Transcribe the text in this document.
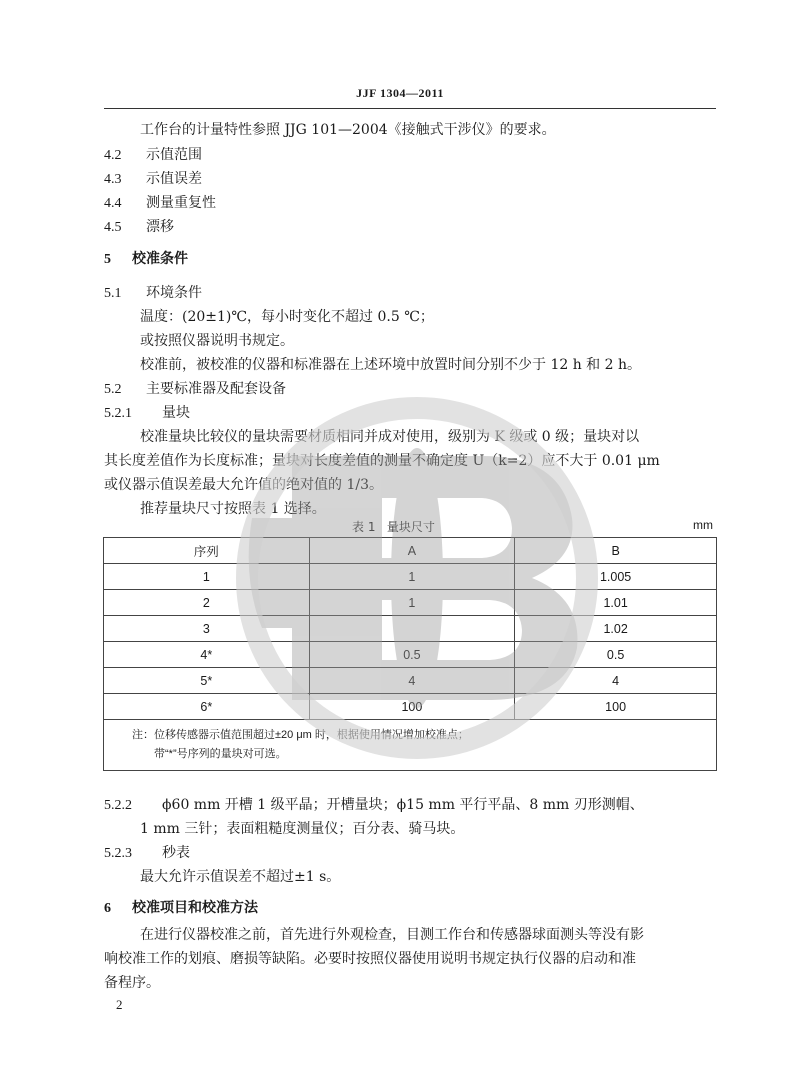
JJF 1304—2011
工作台的计量特性参照 JJG 101—2004《接触式干涉仪》的要求。
4.2 示值范围
4.3 示值误差
4.4 测量重复性
4.5 漂移
5 校准条件
5.1 环境条件
温度：(20±1)℃，每小时变化不超过 0.5 ℃；
或按照仪器说明书规定。
校准前，被校准的仪器和标准器在上述环境中放置时间分别不少于 12 h 和 2 h。
5.2 主要标准器及配套设备
5.2.1 量块
校准量块比较仪的量块需要材质相同并成对使用，级别为 K 级或 0 级；量块对以
其长度差值作为长度标准；量块对长度差值的测量不确定度 U（k=2）应不大于 0.01 μm
或仪器示值误差最大允许值的绝对值的 1/3。
推荐量块尺寸按照表 1 选择。
表 1 量块尺寸	mm
序列	A	B
1	1	1.005
2	1	1.01
3		1.02
4*	0.5	0.5
5*	4	4
6*	100	100

注：位移传感器示值范围超过±20 μm 时，根据使用情况增加校准点；
带“*”号序列的量块对可选。		
5.2.2 ϕ60 mm 开槽 1 级平晶；开槽量块；ϕ15 mm 平行平晶、8 mm 刃形测帽、
1 mm 三针；表面粗糙度测量仪；百分表、骑马块。
5.2.3 秒表
最大允许示值误差不超过±1 s。
6 校准项目和校准方法
在进行仪器校准之前，首先进行外观检查，目测工作台和传感器球面测头等没有影
响校准工作的划痕、磨损等缺陷。必要时按照仪器使用说明书规定执行仪器的启动和准
备程序。
2
